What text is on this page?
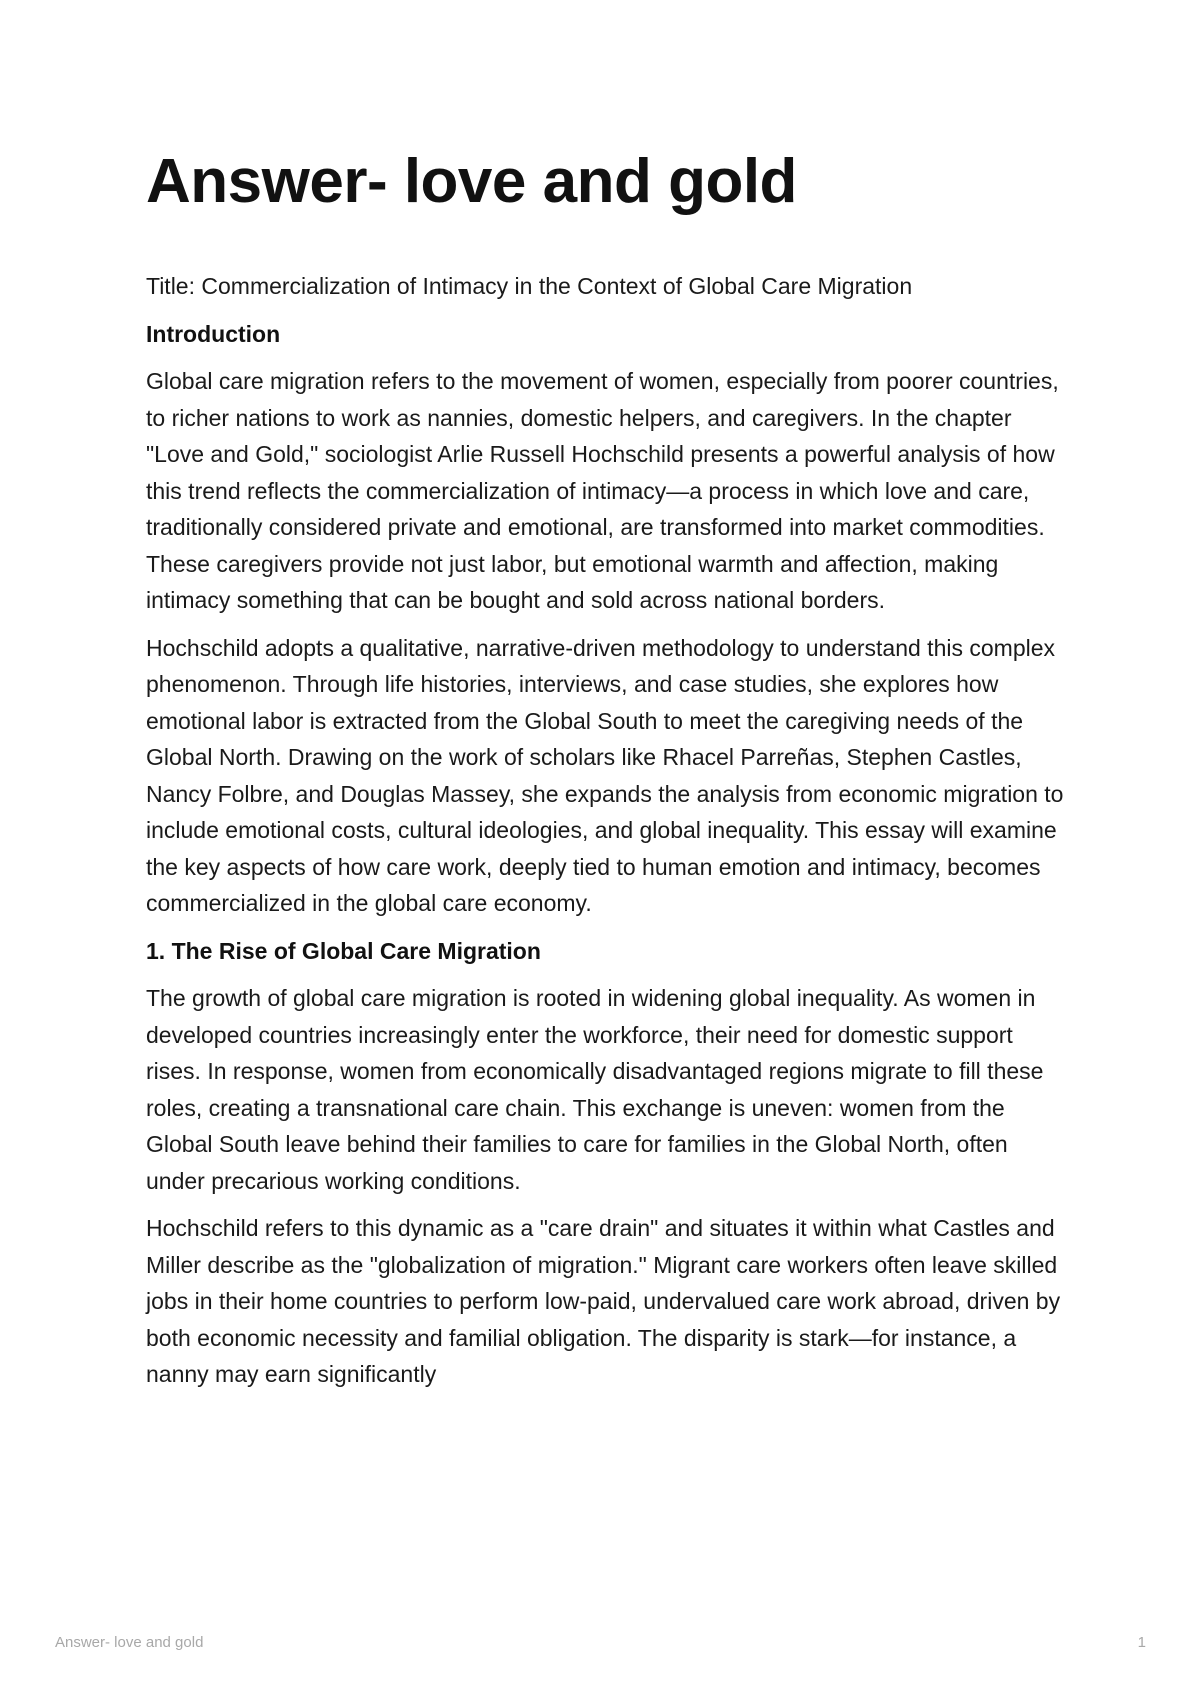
Answer- love and gold

Title: Commercialization of Intimacy in the Context of Global Care Migration

Introduction

Global care migration refers to the movement of women, especially from poorer countries, to richer nations to work as nannies, domestic helpers, and caregivers. In the chapter "Love and Gold," sociologist Arlie Russell Hochschild presents a powerful analysis of how this trend reflects the commercialization of intimacy—a process in which love and care, traditionally considered private and emotional, are transformed into market commodities. These caregivers provide not just labor, but emotional warmth and affection, making intimacy something that can be bought and sold across national borders.

Hochschild adopts a qualitative, narrative-driven methodology to understand this complex phenomenon. Through life histories, interviews, and case studies, she explores how emotional labor is extracted from the Global South to meet the caregiving needs of the Global North. Drawing on the work of scholars like Rhacel Parreñas, Stephen Castles, Nancy Folbre, and Douglas Massey, she expands the analysis from economic migration to include emotional costs, cultural ideologies, and global inequality. This essay will examine the key aspects of how care work, deeply tied to human emotion and intimacy, becomes commercialized in the global care economy.

1. The Rise of Global Care Migration

The growth of global care migration is rooted in widening global inequality. As women in developed countries increasingly enter the workforce, their need for domestic support rises. In response, women from economically disadvantaged regions migrate to fill these roles, creating a transnational care chain. This exchange is uneven: women from the Global South leave behind their families to care for families in the Global North, often under precarious working conditions.

Hochschild refers to this dynamic as a "care drain" and situates it within what Castles and Miller describe as the "globalization of migration." Migrant care workers often leave skilled jobs in their home countries to perform low-paid, undervalued care work abroad, driven by both economic necessity and familial obligation. The disparity is stark—for instance, a nanny may earn significantly

Answer- love and gold	1
